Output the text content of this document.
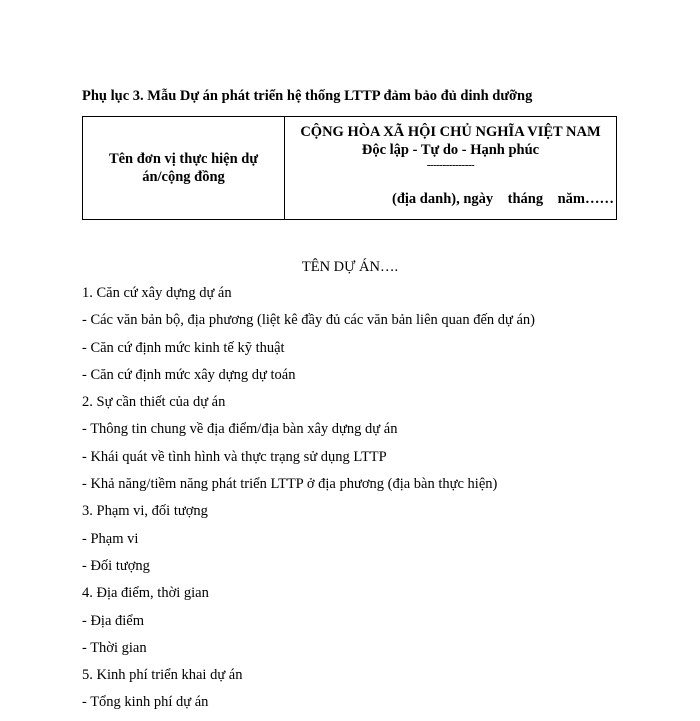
Phụ lục 3. Mẫu Dự án phát triển hệ thống LTTP đảm bảo đủ dinh dưỡng
Tên đơn vị thực hiện dự án/cộng đồng

CỘNG HÒA XÃ HỘI CHỦ NGHĨA VIỆT NAM
Độc lập - Tự do - Hạnh phúc
---------------
(địa danh), ngày    tháng    năm……
TÊN DỰ ÁN….
1. Căn cứ xây dựng dự án
- Các văn bản bộ, địa phương (liệt kê đầy đủ các văn bản liên quan đến dự án)
- Căn cứ định mức kinh tế kỹ thuật
- Căn cứ định mức xây dựng dự toán
2. Sự cần thiết của dự án
- Thông tin chung về địa điểm/địa bàn xây dựng dự án
- Khái quát về tình hình và thực trạng sử dụng LTTP
- Khả năng/tiềm năng phát triển LTTP ở địa phương (địa bàn thực hiện)
3. Phạm vi, đối tượng
- Phạm vi
- Đối tượng
4. Địa điểm, thời gian
- Địa điểm
- Thời gian
5. Kinh phí triển khai dự án
- Tổng kinh phí dự án
